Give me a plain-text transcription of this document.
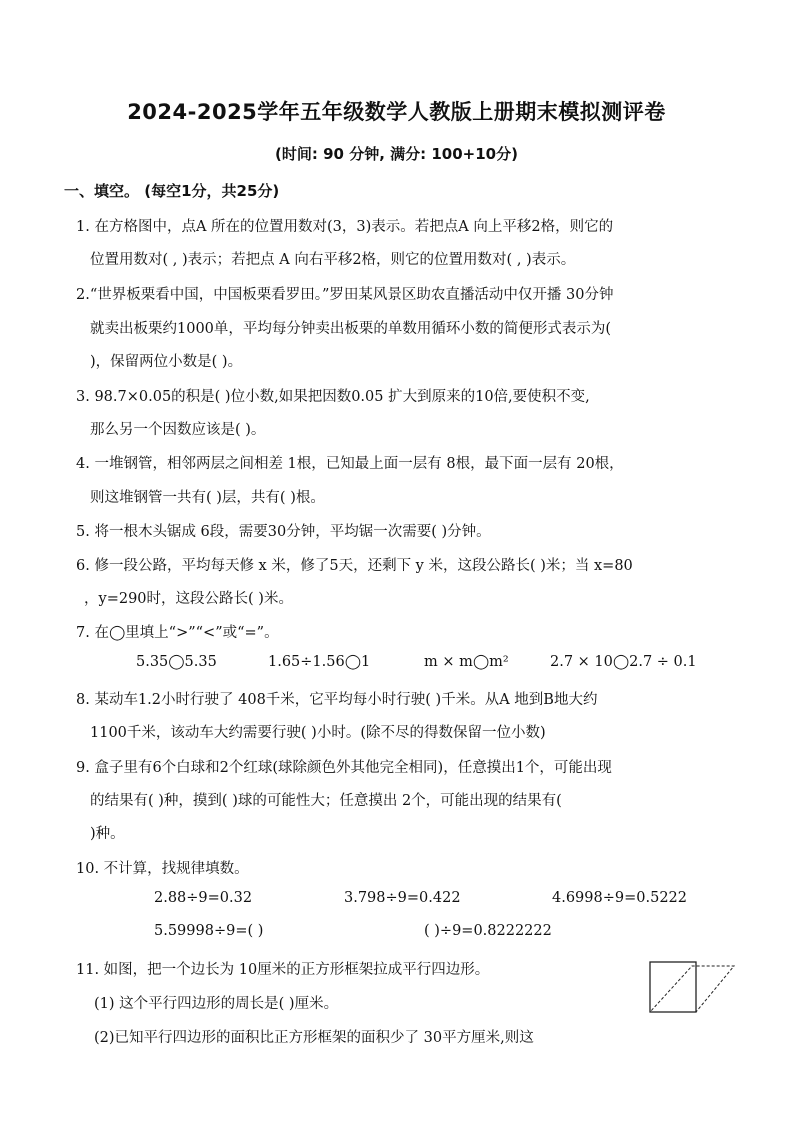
2024-2025学年五年级数学人教版上册期末模拟测评卷
(时间: 90 分钟, 满分: 100+10分)
一、填空。 (每空1分，共25分)
1. 在方格图中，点A 所在的位置用数对(3，3)表示。若把点A 向上平移2格，则它的
位置用数对( , )表示；若把点 A 向右平移2格，则它的位置用数对( , )表示。
2.“世界板栗看中国，中国板栗看罗田。”罗田某风景区助农直播活动中仅开播 30分钟
就卖出板栗约1000单，平均每分钟卖出板栗的单数用循环小数的简便形式表示为(
)，保留两位小数是( )。
3. 98.7×0.05的积是( )位小数,如果把因数0.05 扩大到原来的10倍,要使积不变,
那么另一个因数应该是( )。
4. 一堆钢管，相邻两层之间相差 1根，已知最上面一层有 8根，最下面一层有 20根，
则这堆钢管一共有( )层，共有( )根。
5. 将一根木头锯成 6段，需要30分钟，平均锯一次需要( )分钟。
6. 修一段公路，平均每天修 x 米，修了5天，还剩下 y 米，这段公路长( )米；当 x=80
，y=290时，这段公路长( )米。
7. 在◯里填上“>”“<”或“=”。
5.35◯5.35	1.65÷1.56◯1	m × m◯m²	2.7 × 10◯2.7 ÷ 0.1
8. 某动车1.2小时行驶了 408千米，它平均每小时行驶( )千米。从A 地到B地大约
1100千米，该动车大约需要行驶( )小时。(除不尽的得数保留一位小数)
9. 盒子里有6个白球和2个红球(球除颜色外其他完全相同)，任意摸出1个，可能出现
的结果有( )种，摸到( )球的可能性大；任意摸出 2个，可能出现的结果有(
)种。
10. 不计算，找规律填数。
2.88÷9=0.32	3.798÷9=0.422	4.6998÷9=0.5222
5.59998÷9=( )	( )÷9=0.8222222
11. 如图，把一个边长为 10厘米的正方形框架拉成平行四边形。
(1) 这个平行四边形的周长是( )厘米。
(2)已知平行四边形的面积比正方形框架的面积少了 30平方厘米,则这
